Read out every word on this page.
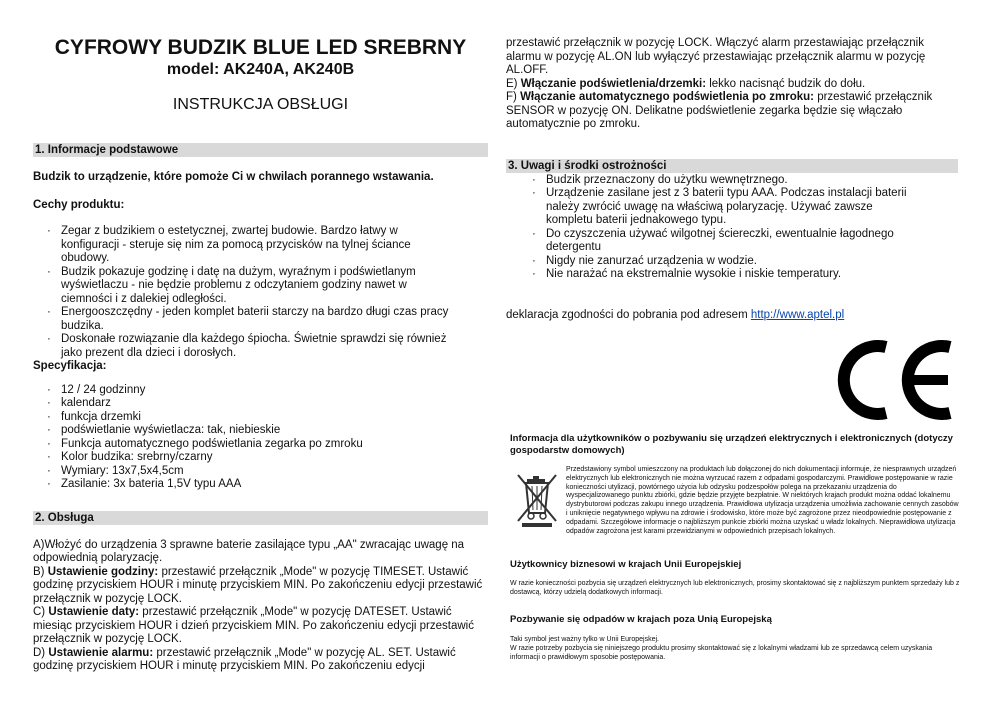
CYFROWY BUDZIK BLUE LED SREBRNY
model: AK240A, AK240B
INSTRUKCJA OBSŁUGI
1. Informacje podstawowe
Budzik to urządzenie, które pomoże Ci w chwilach porannego wstawania.
Cechy produktu:
· Zegar z budzikiem o estetycznej, zwartej budowie. Bardzo łatwy w konfiguracji - steruje się nim za pomocą przycisków na tylnej ściance obudowy.
· Budzik pokazuje godzinę i datę na dużym, wyraźnym i podświetlanym wyświetlaczu - nie będzie problemu z odczytaniem godziny nawet w ciemności i z dalekiej odległości.
· Energooszczędny - jeden komplet baterii starczy na bardzo długi czas pracy budzika.
· Doskonałe rozwiązanie dla każdego śpiocha. Świetnie sprawdzi się również jako prezent dla dzieci i dorosłych.
Specyfikacja:
· 12 / 24 godzinny
· kalendarz
· funkcja drzemki
· podświetlanie wyświetlacza: tak, niebieskie
· Funkcja automatycznego podświetlania zegarka po zmroku
· Kolor budzika: srebrny/czarny
· Wymiary: 13x7,5x4,5cm
· Zasilanie: 3x bateria 1,5V typu AAA
2. Obsługa
A)Włożyć do urządzenia 3 sprawne baterie zasilające typu „AA" zwracając uwagę na odpowiednią polaryzację.
B) Ustawienie godziny: przestawić przełącznik „Mode" w pozycję TIMESET. Ustawić godzinę przyciskiem HOUR i minutę przyciskiem MIN. Po zakończeniu edycji przestawić przełącznik w pozycję LOCK.
C) Ustawienie daty: przestawić przełącznik „Mode" w pozycję DATESET. Ustawić miesiąc przyciskiem HOUR i dzień przyciskiem MIN. Po zakończeniu edycji przestawić przełącznik w pozycję LOCK.
D) Ustawienie alarmu: przestawić przełącznik „Mode" w pozycję AL. SET. Ustawić godzinę przyciskiem HOUR i minutę przyciskiem MIN. Po zakończeniu edycji
przestawić przełącznik w pozycję LOCK. Włączyć alarm przestawiając przełącznik alarmu w pozycję AL.ON lub wyłączyć przestawiając przełącznik alarmu w pozycję AL.OFF.
E) Włączanie podświetlenia/drzemki: lekko nacisnąć budzik do dołu.
F) Włączanie automatycznego podświetlenia po zmroku: przestawić przełącznik SENSOR w pozycję ON. Delikatne podświetlenie zegarka będzie się włączało automatycznie po zmroku.
3. Uwagi i środki ostrożności
· Budzik przeznaczony do użytku wewnętrznego.
· Urządzenie zasilane jest z 3 baterii typu AAA. Podczas instalacji baterii należy zwrócić uwagę na właściwą polaryzację. Używać zawsze kompletu baterii jednakowego typu.
· Do czyszczenia używać wilgotnej ściereczki, ewentualnie łagodnego detergentu
· Nigdy nie zanurzać urządzenia w wodzie.
· Nie narażać na ekstremalnie wysokie i niskie temperatury.
deklaracja zgodności do pobrania pod adresem http://www.aptel.pl
Informacja dla użytkowników o pozbywaniu się urządzeń elektrycznych i elektronicznych (dotyczy gospodarstw domowych)
Przedstawiony symbol umieszczony na produktach lub dołączonej do nich dokumentacji informuje, że niesprawnych urządzeń elektrycznych lub elektronicznych nie można wyrzucać razem z odpadami gospodarczymi. Prawidłowe postępowanie w razie konieczności utylizacji, powtórnego użycia lub odzysku podzespołów polega na przekazaniu urządzenia do wyspecjalizowanego punktu zbiórki, gdzie będzie przyjęte bezpłatnie. W niektórych krajach produkt można oddać lokalnemu dystrybutorowi podczas zakupu innego urządzenia. Prawidłowa utylizacja urządzenia umożliwia zachowanie cennych zasobów i uniknięcie negatywnego wpływu na zdrowie i środowisko, które może być zagrożone przez nieodpowiednie postępowanie z odpadami. Szczegółowe informacje o najbliższym punkcie zbiórki można uzyskać u władz lokalnych. Nieprawidłowa utylizacja odpadów zagrożona jest karami przewidzianymi w odpowiednich przepisach lokalnych.
Użytkownicy biznesowi w krajach Unii Europejskiej
W razie konieczności pozbycia się urządzeń elektrycznych lub elektronicznych, prosimy skontaktować się z najbliższym punktem sprzedaży lub z dostawcą, którzy udzielą dodatkowych informacji.
Pozbywanie się odpadów w krajach poza Unią Europejską
Taki symbol jest ważny tylko w Unii Europejskej.
W razie potrzeby pozbycia się niniejszego produktu prosimy skontaktować się z lokalnymi władzami lub ze sprzedawcą celem uzyskania informacji o prawidłowym sposobie postępowania.
